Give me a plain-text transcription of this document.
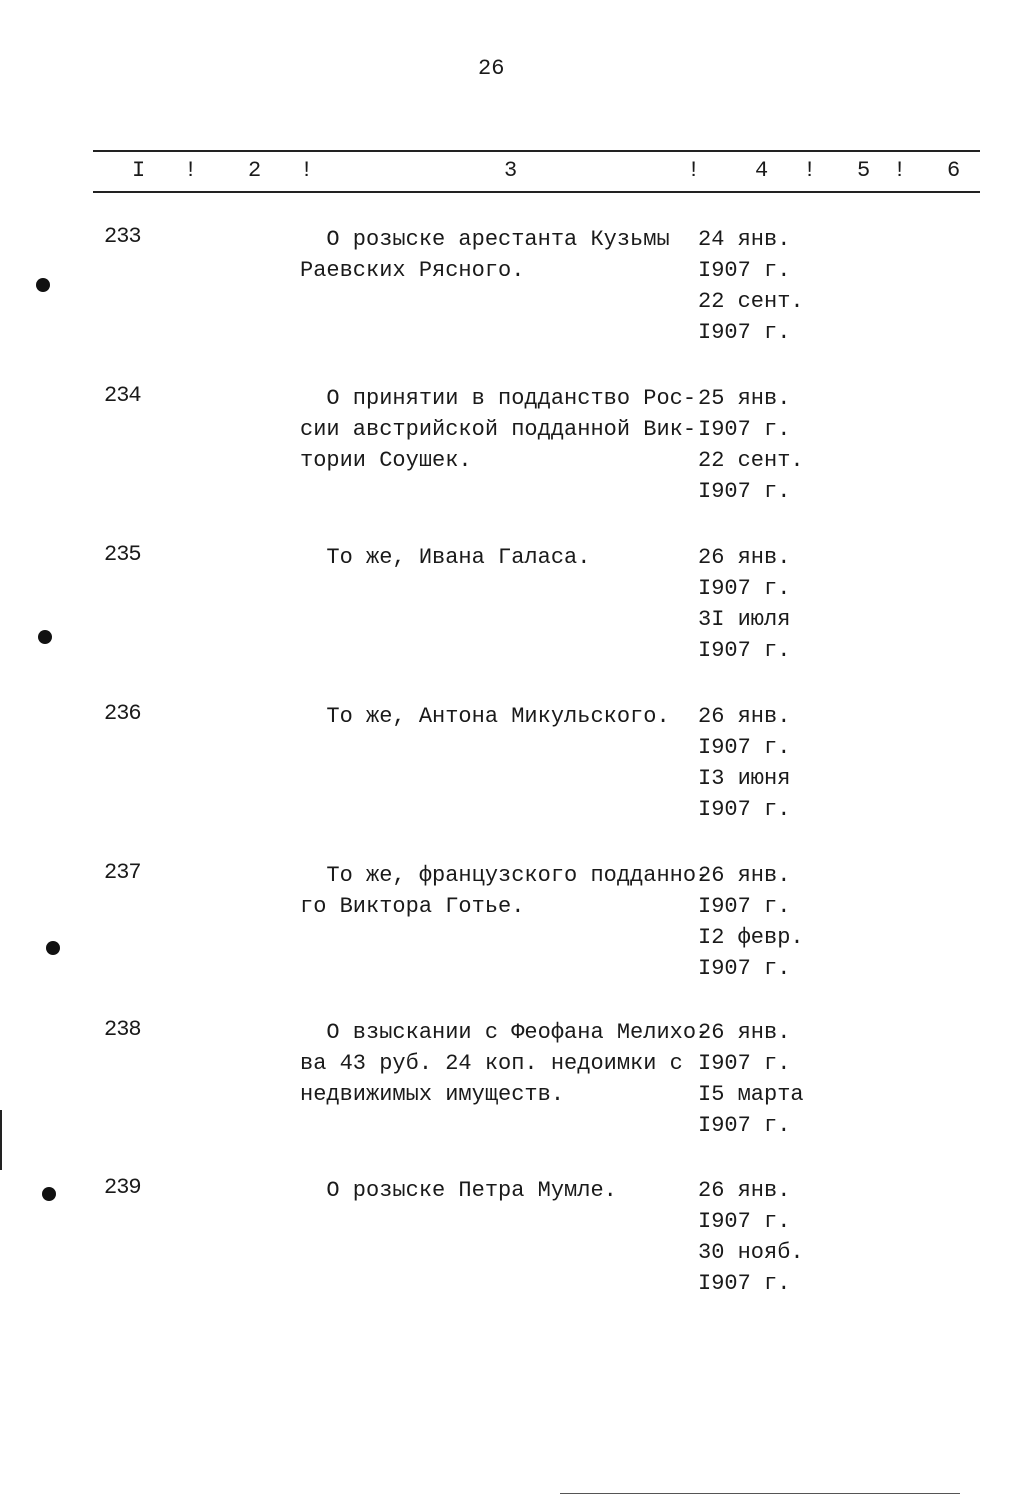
26
I ! 2 !	3	! 4 ! 5 ! 6
233	О розыске арестанта Кузьмы
Раевских Рясного.
24 янв.
I907 г.
22 сент.
I907 г.
234	О принятии в подданство Рос-
сии австрийской подданной Вик-
тории Соушек.
25 янв.
I907 г.
22 сент.
I907 г.
235	То же, Ивана Галаса.	26 янв.
I907 г.
3I июля
I907 г.
236	То же, Антона Микульского.	26 янв.
I907 г.
I3 июня
I907 г.
237	То же, французского подданно-
го Виктора Готье.
26 янв.
I907 г.
I2 февр.
I907 г.
238	О взыскании с Феофана Мелихо-
ва 43 руб. 24 коп. недоимки с
недвижимых имуществ.
26 янв.
I907 г.
I5 марта
I907 г.
239	О розыске Петра Мумле.	26 янв.
I907 г.
30 нояб.
I907 г.
